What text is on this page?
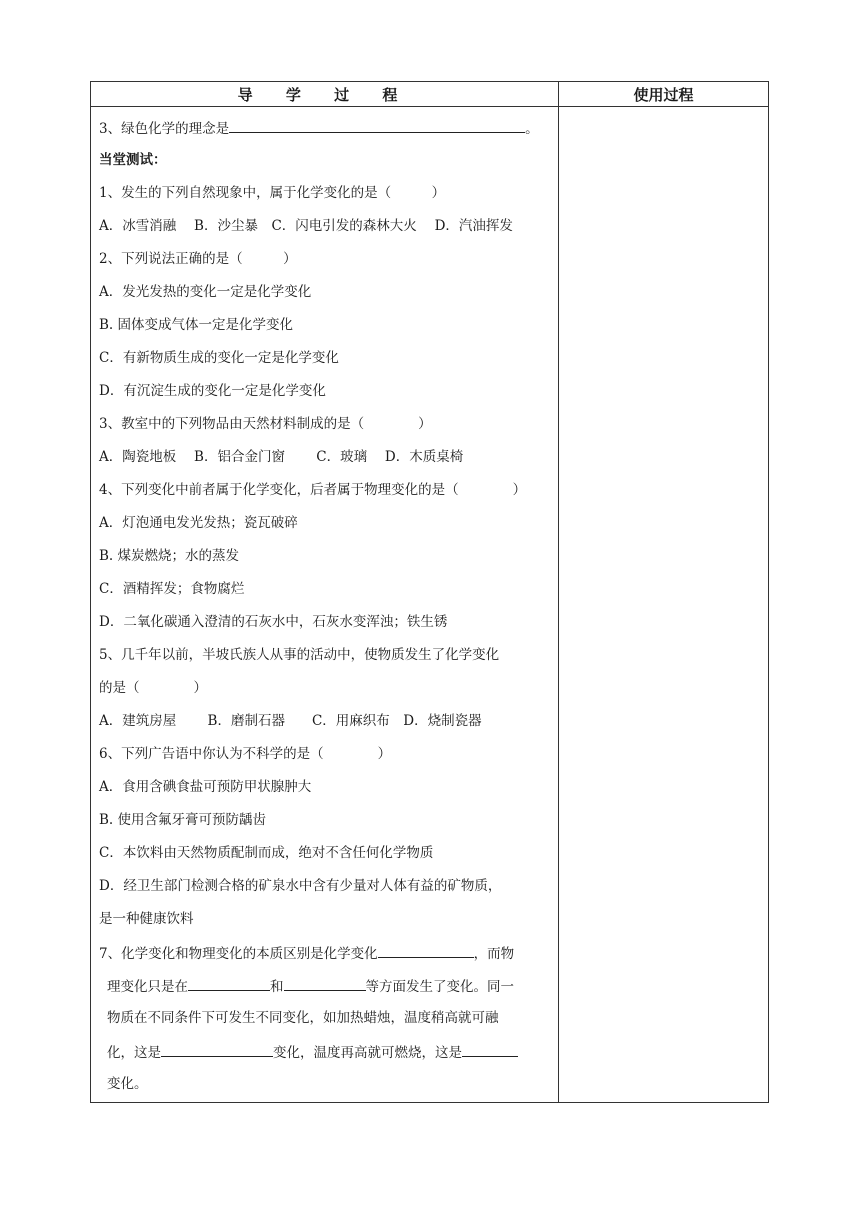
导 学 过 程	使用过程
3、绿色化学的理念是	。
当堂测试：
1、发生的下列自然现象中，属于化学变化的是（　　　）
A．冰雪消融　 B．沙尘暴　C．闪电引发的森林大火　 D．汽油挥发
2、下列说法正确的是（　　　）
A．发光发热的变化一定是化学变化
B. 固体变成气体一定是化学变化
C．有新物质生成的变化一定是化学变化
D．有沉淀生成的变化一定是化学变化
3、教室中的下列物品由天然材料制成的是（　　　　）
A．陶瓷地板　 B．铝合金门窗　　 C．玻璃　 D．木质桌椅
4、下列变化中前者属于化学变化，后者属于物理变化的是（　　　　）
A．灯泡通电发光发热；瓷瓦破碎
B. 煤炭燃烧；水的蒸发
C．酒精挥发；食物腐烂
D．二氧化碳通入澄清的石灰水中，石灰水变浑浊；铁生锈
5、几千年以前，半坡氏族人从事的活动中，使物质发生了化学变化
的是（　　　　）
A．建筑房屋　　 B．磨制石器　　C．用麻织布　D．烧制瓷器
6、下列广告语中你认为不科学的是（　　　　）
A．食用含碘食盐可预防甲状腺肿大
B. 使用含氟牙膏可预防龋齿
C．本饮料由天然物质配制而成，绝对不含任何化学物质
D．经卫生部门检测合格的矿泉水中含有少量对人体有益的矿物质，
是一种健康饮料
7、化学变化和物理变化的本质区别是化学变化	，而物
理变化只是在	和	等方面发生了变化。同一
物质在不同条件下可发生不同变化，如加热蜡烛，温度稍高就可融
化，这是	变化，温度再高就可燃烧，这是
变化。
